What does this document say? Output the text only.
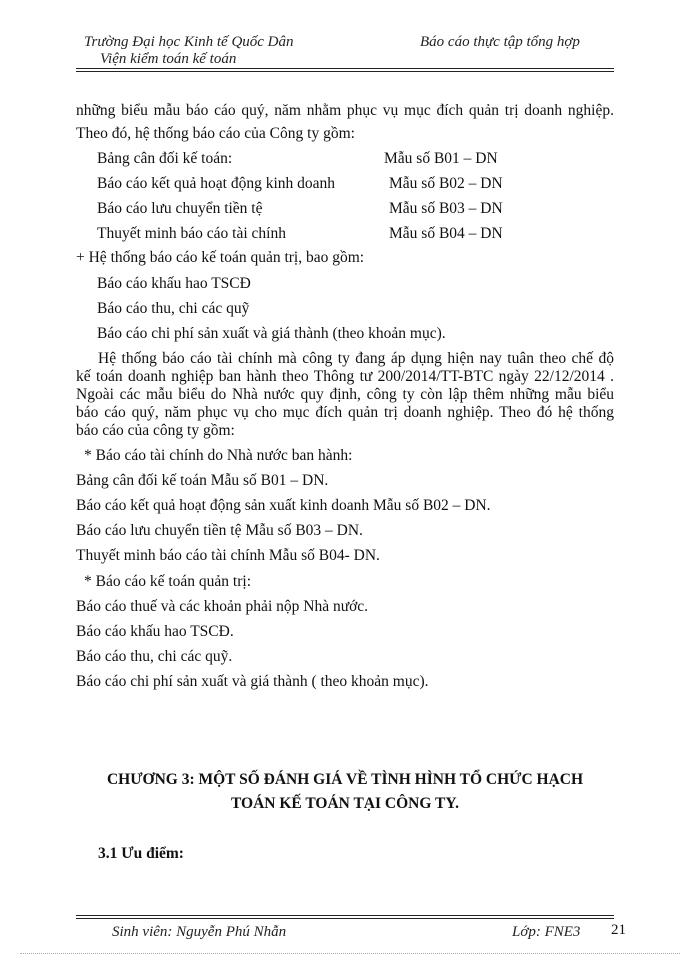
Trường Đại học Kinh tế Quốc Dân
Viện kiểm toán kế toán
Báo cáo thực tập tổng hợp
những biểu mẫu báo cáo quý, năm nhằm phục vụ mục đích quản trị doanh nghiệp.
Theo đó, hệ thống báo cáo của Công ty gồm:
Bảng cân đối kế toán:	Mẫu số B01 – DN
Báo cáo kết quả hoạt động kinh doanh	Mẫu số B02 – DN
Báo cáo lưu chuyển tiền tệ	Mẫu số B03 – DN
Thuyết minh báo cáo tài chính	Mẫu số B04 – DN
+ Hệ thống báo cáo kế toán quản trị, bao gồm:
Báo cáo khấu hao TSCĐ
Báo cáo thu, chi các quỹ
Báo cáo chi phí sản xuất và giá thành (theo khoản mục).
Hệ thống báo cáo tài chính mà công ty đang áp dụng hiện nay tuân theo chế độ
kế toán doanh nghiệp ban hành theo Thông tư 200/2014/TT-BTC ngày 22/12/2014 .
Ngoài các mẫu biểu do Nhà nước quy định, công ty còn lập thêm những mẫu biểu
báo cáo quý, năm phục vụ cho mục đích quản trị doanh nghiệp. Theo đó hệ thống
báo cáo của công ty gồm:
* Báo cáo tài chính do Nhà nước ban hành:
Bảng cân đối kế toán Mẫu số B01 – DN.
Báo cáo kết quả hoạt động sản xuất kinh doanh Mẫu số B02 – DN.
Báo cáo lưu chuyển tiền tệ Mẫu số B03 – DN.
Thuyết minh báo cáo tài chính Mẫu số B04- DN.
* Báo cáo kế toán quản trị:
Báo cáo thuế và các khoản phải nộp Nhà nước.
Báo cáo khấu hao TSCĐ.
Báo cáo thu, chi các quỹ.
Báo cáo chi phí sản xuất và giá thành ( theo khoản mục).
CHƯƠNG 3: MỘT SỐ ĐÁNH GIÁ VỀ TÌNH HÌNH TỔ CHỨC HẠCH
TOÁN KẾ TOÁN TẠI CÔNG TY.
3.1 Ưu điểm:
Sinh viên: Nguyễn Phú Nhẫn	Lớp: FNE3 21
